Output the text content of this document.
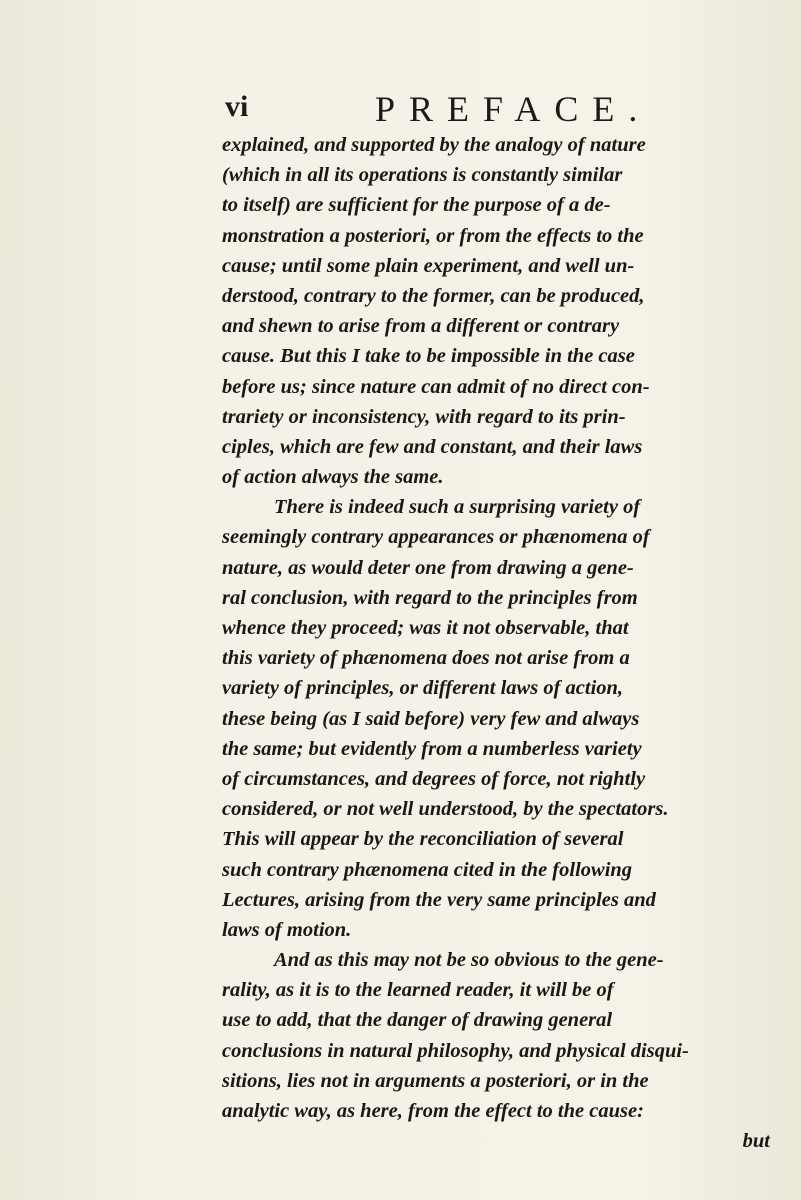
vi	PREFACE.
explained, and supported by the analogy of nature
(which in all its operations is constantly similar
to itself) are sufficient for the purpose of a de-
monstration a posteriori, or from the effects to the
cause; until some plain experiment, and well un-
derstood, contrary to the former, can be produced,
and shewn to arise from a different or contrary
cause. But this I take to be impossible in the case
before us; since nature can admit of no direct con-
trariety or inconsistency, with regard to its prin-
ciples, which are few and constant, and their laws
of action always the same.
There is indeed such a surprising variety of
seemingly contrary appearances or phænomena of
nature, as would deter one from drawing a gene-
ral conclusion, with regard to the principles from
whence they proceed; was it not observable, that
this variety of phænomena does not arise from a
variety of principles, or different laws of action,
these being (as I said before) very few and always
the same; but evidently from a numberless variety
of circumstances, and degrees of force, not rightly
considered, or not well understood, by the spectators.
This will appear by the reconciliation of several
such contrary phænomena cited in the following
Lectures, arising from the very same principles and
laws of motion.
And as this may not be so obvious to the gene-
rality, as it is to the learned reader, it will be of
use to add, that the danger of drawing general
conclusions in natural philosophy, and physical disqui-
sitions, lies not in arguments a posteriori, or in the
analytic way, as here, from the effect to the cause:
but
